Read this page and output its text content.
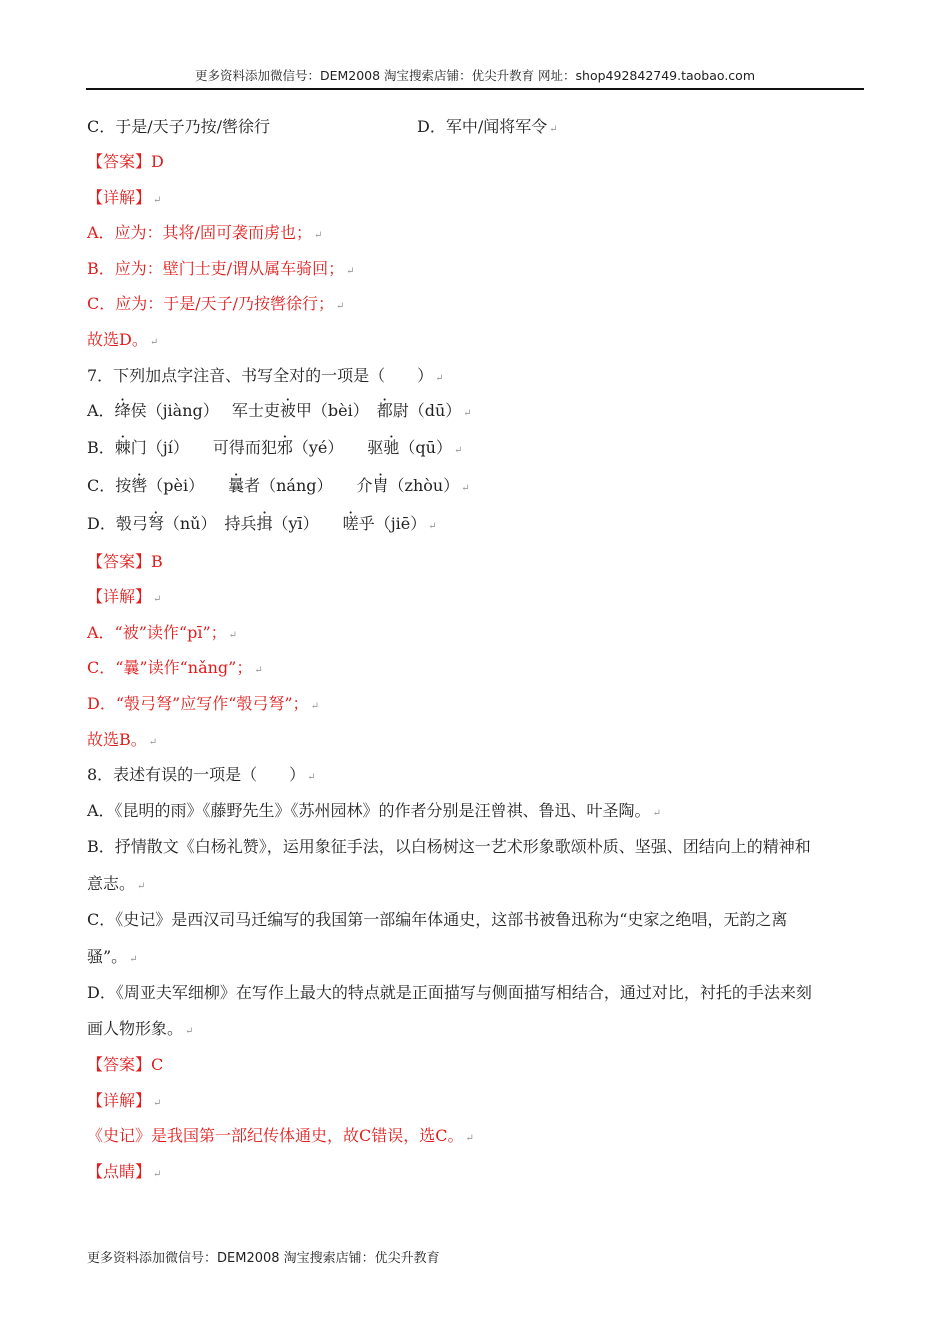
更多资料添加微信号：DEM2008 淘宝搜索店铺：优尖升教育 网址：shop492842749.taobao.com
C．于是/天子乃按/辔徐行	D．军中/闻将军令 ↵
【答案】D
【详解】 ↵
A．应为：其将/固可袭而虏也； ↵
B．应为：壁门士吏/谓从属车骑回； ↵
C．应为：于是/天子/乃按辔徐行； ↵
故选D。 ↵
7．下列加点字注音、书写全对的一项是（　　） ↵
A．绛侯（jiàng）　 军士吏被甲（bèi）　都尉（dū） ↵
B．棘门（jí）　　可得而犯邪（yé）　　驱驰（qū） ↵
C．按辔（pèi）　　曩者（náng）　　介胄（zhòu） ↵
D．彀弓弩（nǔ）　持兵揖（yī）　　嗟乎（jiē） ↵
【答案】B
【详解】 ↵
A．“被”读作“pī”； ↵
C．“曩”读作“nǎng”； ↵
D．“彀弓弩”应写作“彀弓弩”； ↵
故选B。 ↵
8．表述有误的一项是（　　） ↵
A．《昆明的雨》《藤野先生》《苏州园林》的作者分别是汪曾祺、鲁迅、叶圣陶。 ↵
B．抒情散文《白杨礼赞》，运用象征手法，以白杨树这一艺术形象歌颂朴质、坚强、团结向上的精神和
意志。 ↵
C．《史记》是西汉司马迁编写的我国第一部编年体通史，这部书被鲁迅称为“史家之绝唱，无韵之离
骚”。 ↵
D．《周亚夫军细柳》在写作上最大的特点就是正面描写与侧面描写相结合，通过对比，衬托的手法来刻
画人物形象。 ↵
【答案】C
【详解】 ↵
《史记》是我国第一部纪传体通史，故C错误，选C。 ↵
【点睛】 ↵
更多资料添加微信号：DEM2008 淘宝搜索店铺：优尖升教育
